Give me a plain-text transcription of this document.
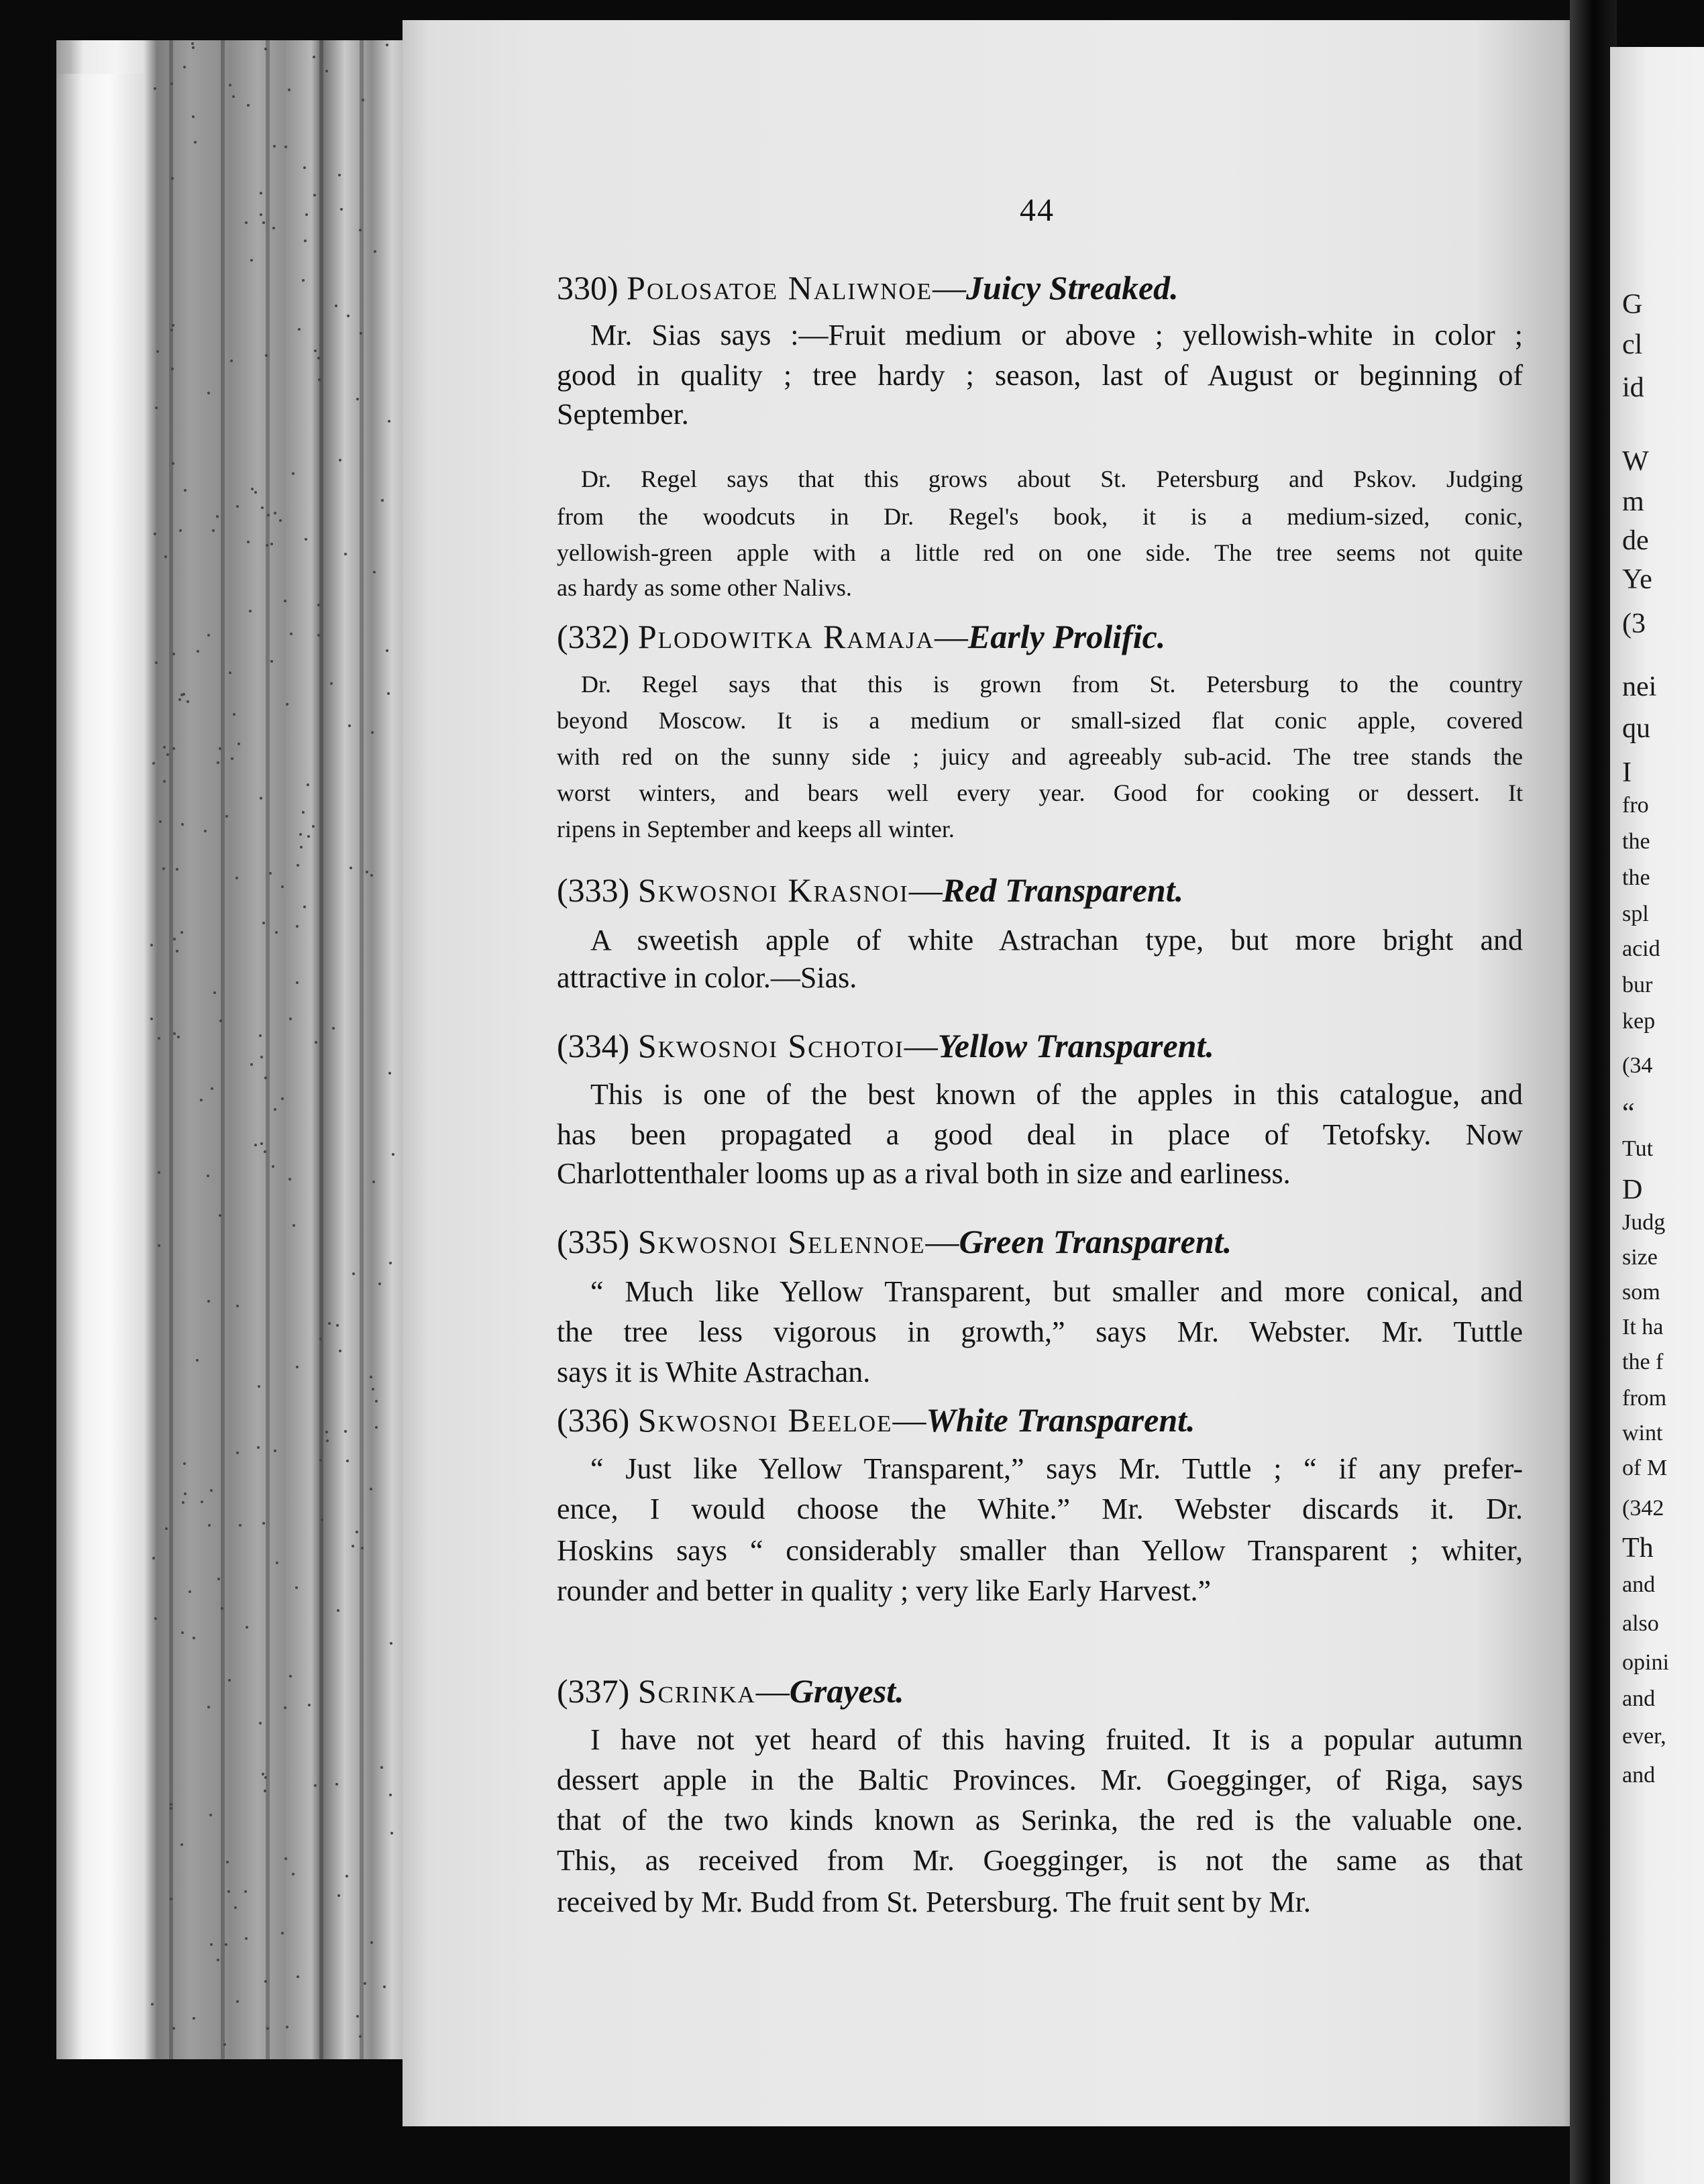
G
cl
id
W
m
de
Ye
(3
nei
qu
I
fro
the
the
spl
acid
bur
kep
(34
“
Tut
D
Judg
size
som
It ha
the f
from
wint
of M
(342
Th
and
also
opini
and
ever,
and
44
330) Polosatoe Naliwnoe—Juicy Streaked.
Mr. Sias says :—Fruit medium or above ; yellowish-white in color ;
good in quality ; tree hardy ; season, last of August or beginning of
September.
Dr. Regel says that this grows about St. Petersburg and Pskov. Judging
from the woodcuts in Dr. Regel's book, it is a medium-sized, conic,
yellowish-green apple with a little red on one side. The tree seems not quite
as hardy as some other Nalivs.
(332) Plodowitka Ramaja—Early Prolific.
Dr. Regel says that this is grown from St. Petersburg to the country
beyond Moscow. It is a medium or small-sized flat conic apple, covered
with red on the sunny side ; juicy and agreeably sub-acid. The tree stands the
worst winters, and bears well every year. Good for cooking or dessert. It
ripens in September and keeps all winter.
(333) Skwosnoi Krasnoi—Red Transparent.
A sweetish apple of white Astrachan type, but more bright and
attractive in color.—Sias.
(334) Skwosnoi Schotoi—Yellow Transparent.
This is one of the best known of the apples in this catalogue, and
has been propagated a good deal in place of Tetofsky. Now
Charlottenthaler looms up as a rival both in size and earliness.
(335) Skwosnoi Selennoe—Green Transparent.
“ Much like Yellow Transparent, but smaller and more conical, and
the tree less vigorous in growth,” says Mr. Webster. Mr. Tuttle
says it is White Astrachan.
(336) Skwosnoi Beeloe—White Transparent.
“ Just like Yellow Transparent,” says Mr. Tuttle ; “ if any prefer-
ence, I would choose the White.” Mr. Webster discards it. Dr.
Hoskins says “ considerably smaller than Yellow Transparent ; whiter,
rounder and better in quality ; very like Early Harvest.”
(337) Scrinka—Grayest.
I have not yet heard of this having fruited. It is a popular autumn
dessert apple in the Baltic Provinces. Mr. Goegginger, of Riga, says
that of the two kinds known as Serinka, the red is the valuable one.
This, as received from Mr. Goegginger, is not the same as that
received by Mr. Budd from St. Petersburg. The fruit sent by Mr.
